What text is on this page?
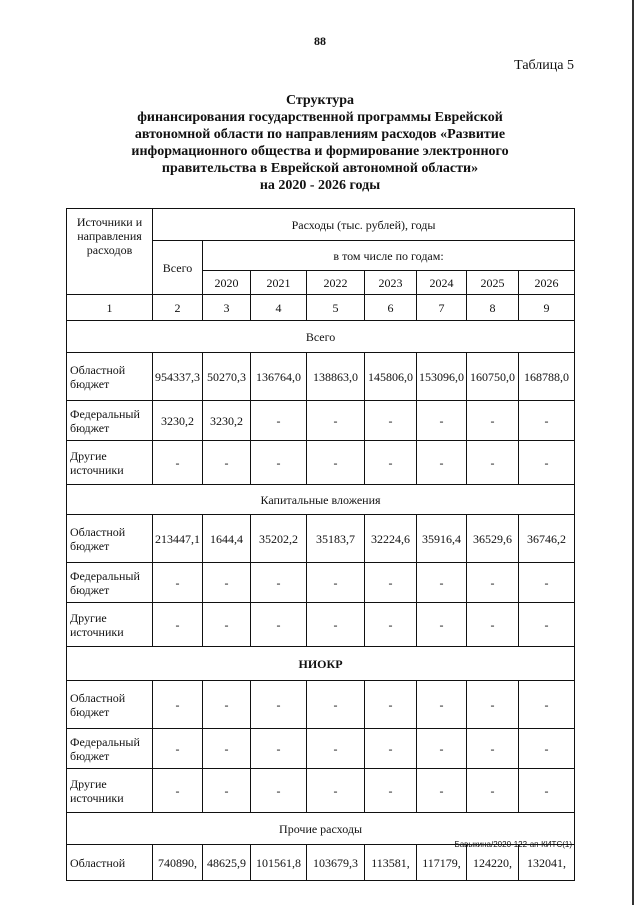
88
Таблица 5
Структура
финансирования государственной программы Еврейской
автономной области по направлениям расходов «Развитие
информационного общества и формирование электронного
правительства в Еврейской автономной области»
на 2020 - 2026 годы
Источники и направления расходов	Расходы (тыс. рублей), годы							
	Всего	в том числе по годам:						
		2020	2021	2022	2023	2024	2025	2026
1	2	3	4	5	6	7	8	9
Всего								
Областной бюджет	954337,3	50270,3	136764,0	138863,0	145806,0	153096,0	160750,0	168788,0
Федеральный бюджет	3230,2	3230,2	-	-	-	-	-	-
Другие источники	-	-	-	-	-	-	-	-
Капитальные вложения								
Областной бюджет	213447,1	1644,4	35202,2	35183,7	32224,6	35916,4	36529,6	36746,2
Федеральный бюджет	-	-	-	-	-	-	-	-
Другие источники	-	-	-	-	-	-	-	-
НИОКР								
Областной бюджет	-	-	-	-	-	-	-	-
Федеральный бюджет	-	-	-	-	-	-	-	-
Другие источники	-	-	-	-	-	-	-	-
Прочие расходы								
Областной	740890,	48625,9	101561,8	103679,3	113581,	117179,	124220,	132041,
Бавыкина/2020-122-ап-КИТС(1)
